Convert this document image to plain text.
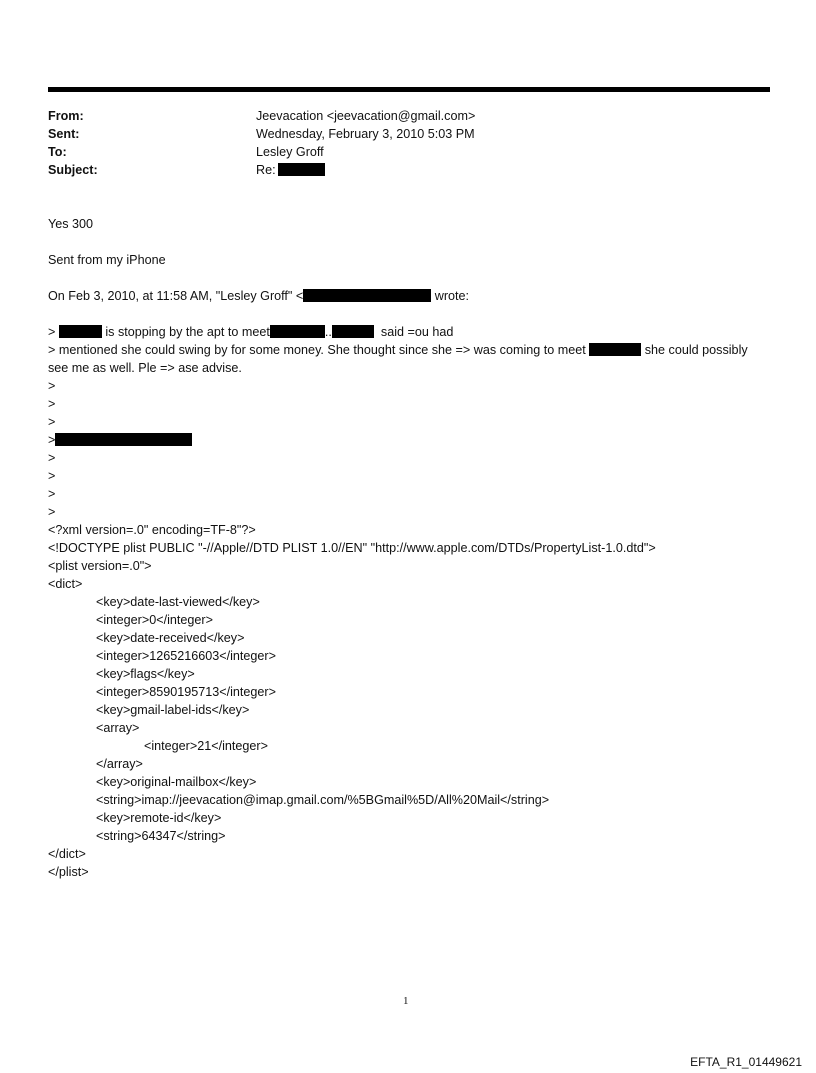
From:	Jeevacation <jeevacation@gmail.com>
Sent:	Wednesday, February 3, 2010 5:03 PM
To:	Lesley Groff
Subject:	Re:
Yes 300
Sent from my iPhone
On Feb 3, 2010, at 11:58 AM, "Lesley Groff" <	wrote:
>	is stopping by the apt to meet	..	said =ou had
> mentioned she could swing by for some money. She thought since she => was coming to meet	she could possibly see me as well. Ple => ase advise.
>
>
>
>
>
>
>
>
<?xml version=.0" encoding=TF-8"?>
<!DOCTYPE plist PUBLIC "-//Apple//DTD PLIST 1.0//EN" "http://www.apple.com/DTDs/PropertyList-1.0.dtd">
<plist version=.0">
<dict>
<key>date-last-viewed</key>
<integer>0</integer>
<key>date-received</key>
<integer>1265216603</integer>
<key>flags</key>
<integer>8590195713</integer>
<key>gmail-label-ids</key>
<array>
<integer>21</integer>
</array>
<key>original-mailbox</key>
<string>imap://jeevacation@imap.gmail.com/%5BGmail%5D/All%20Mail</string>
<key>remote-id</key>
<string>64347</string>
</dict>
</plist>
1
EFTA_R1_01449621
